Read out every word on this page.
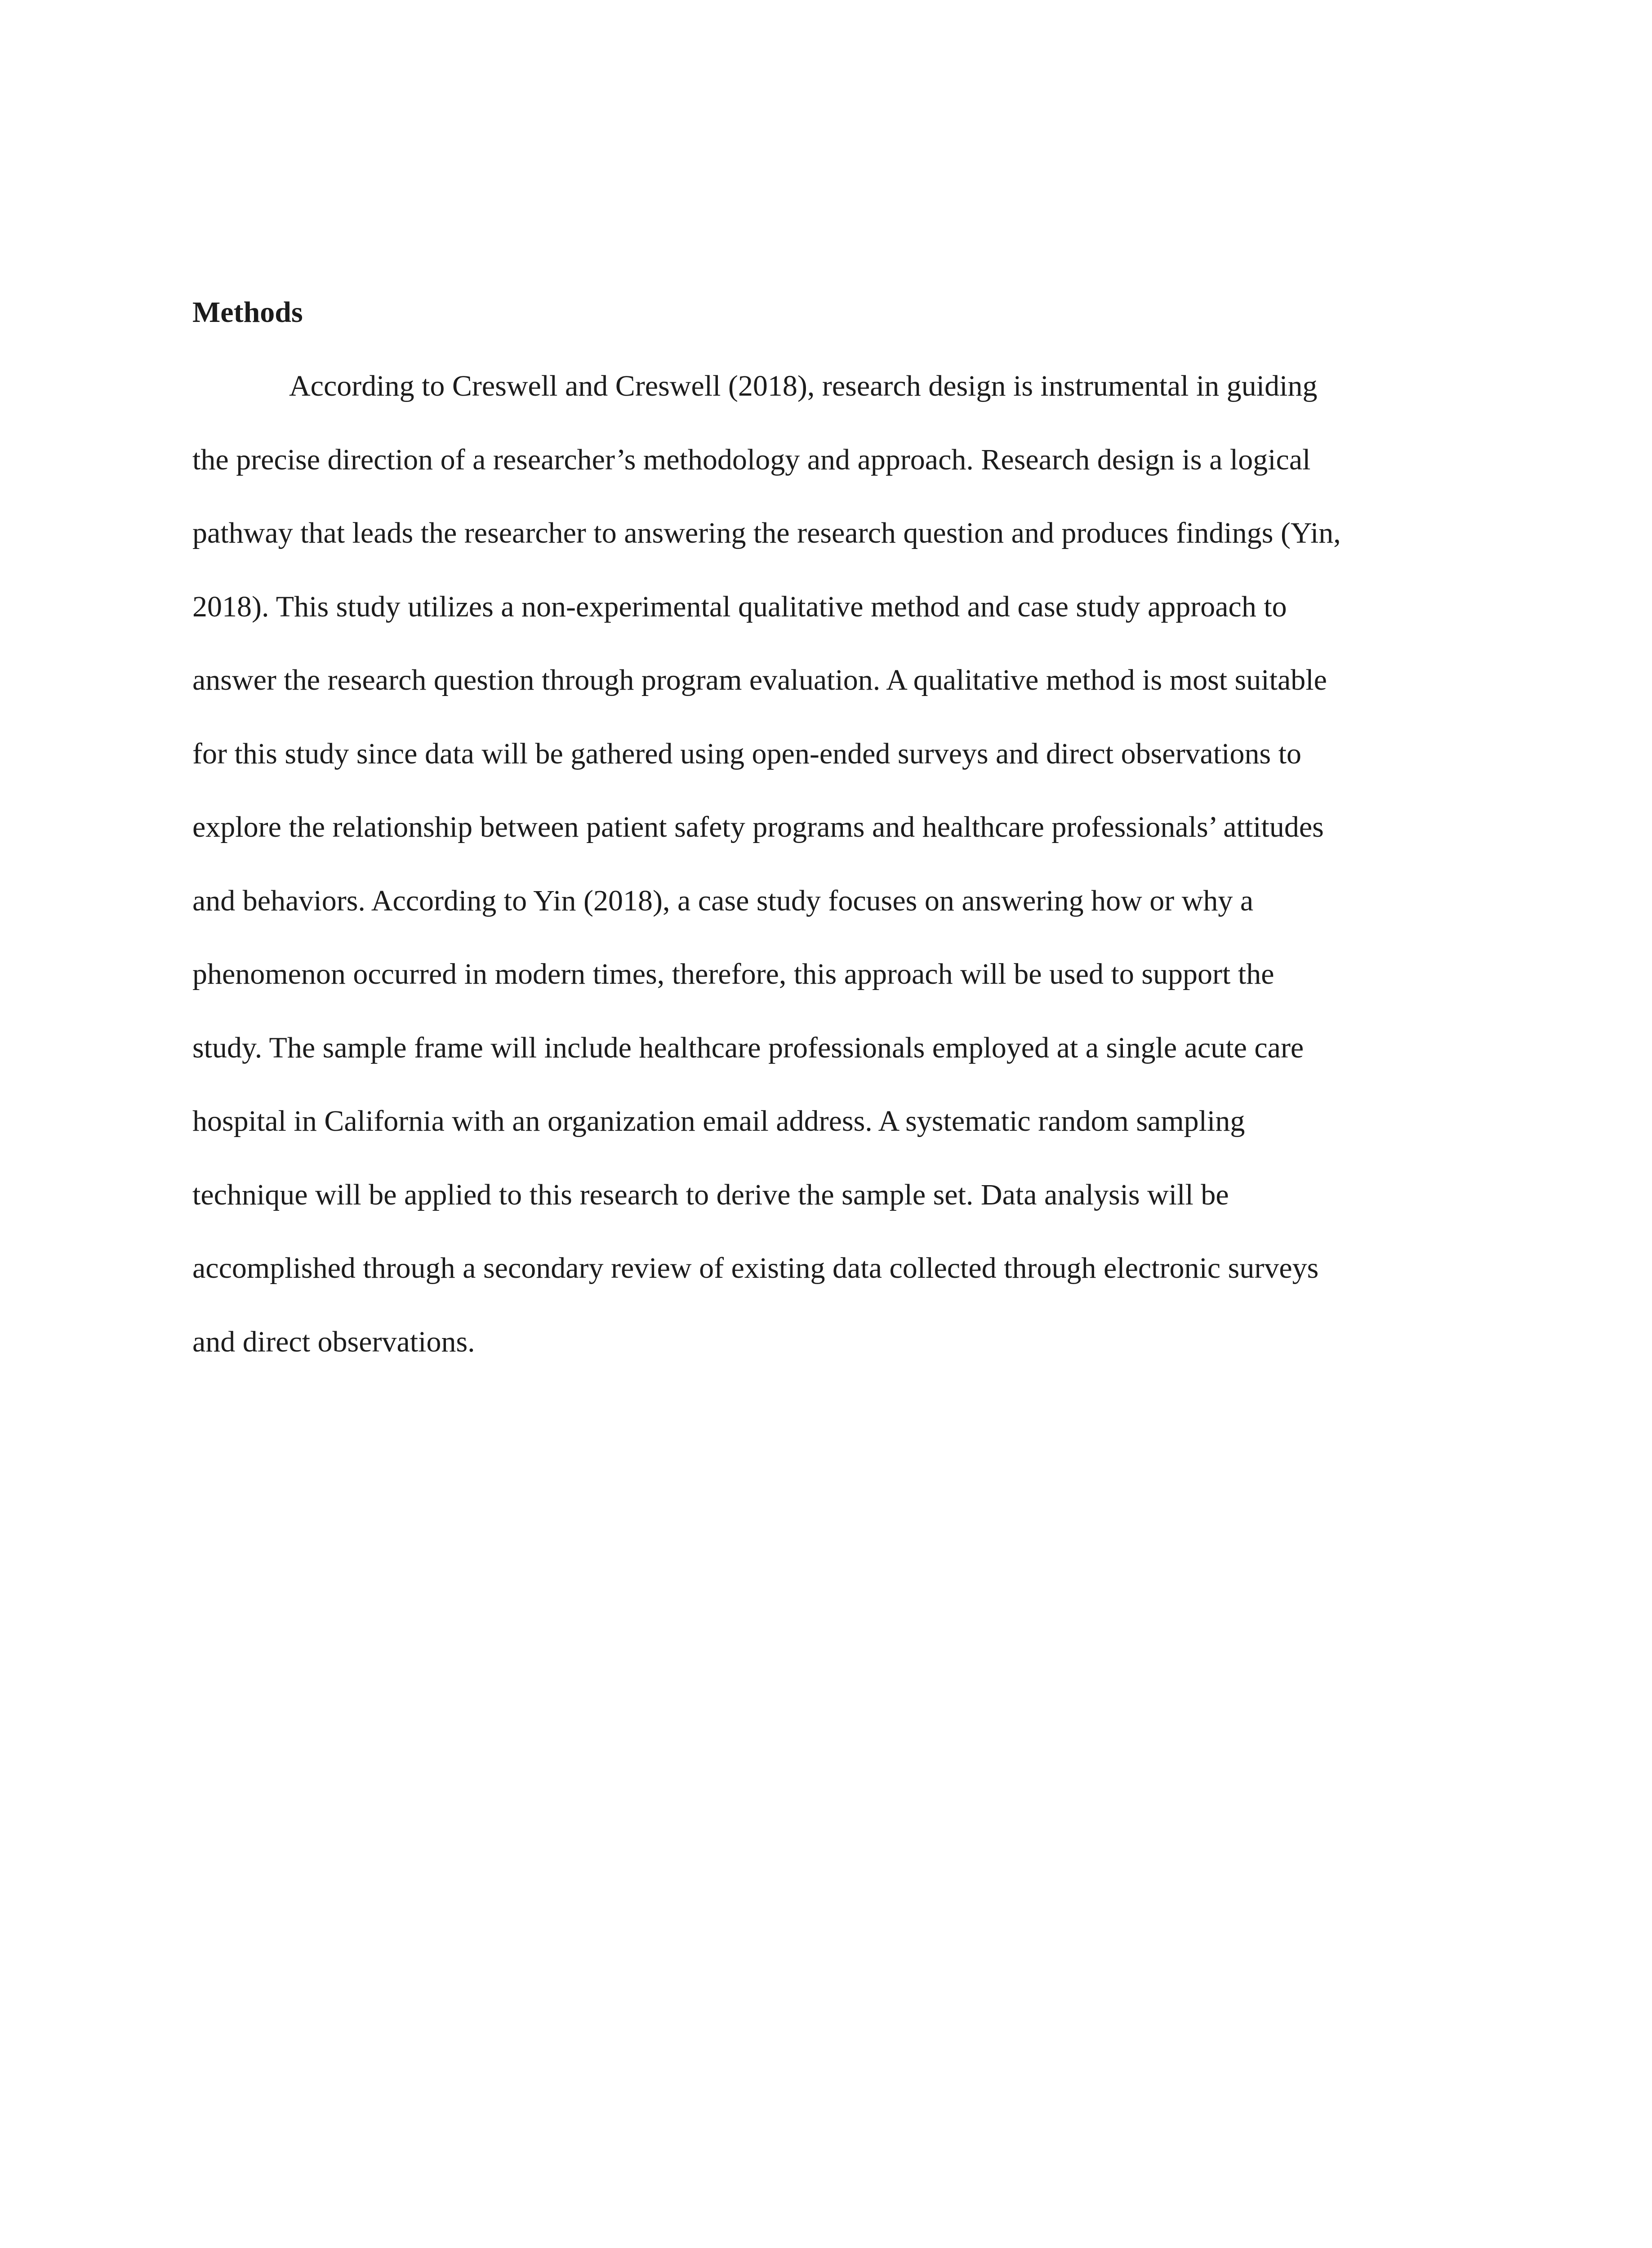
Methods
According to Creswell and Creswell (2018), research design is instrumental in guiding
the precise direction of a researcher’s methodology and approach. Research design is a logical
pathway that leads the researcher to answering the research question and produces findings (Yin,
2018). This study utilizes a non-experimental qualitative method and case study approach to
answer the research question through program evaluation. A qualitative method is most suitable
for this study since data will be gathered using open-ended surveys and direct observations to
explore the relationship between patient safety programs and healthcare professionals’ attitudes
and behaviors. According to Yin (2018), a case study focuses on answering how or why a
phenomenon occurred in modern times, therefore, this approach will be used to support the
study. The sample frame will include healthcare professionals employed at a single acute care
hospital in California with an organization email address. A systematic random sampling
technique will be applied to this research to derive the sample set. Data analysis will be
accomplished through a secondary review of existing data collected through electronic surveys
and direct observations.
